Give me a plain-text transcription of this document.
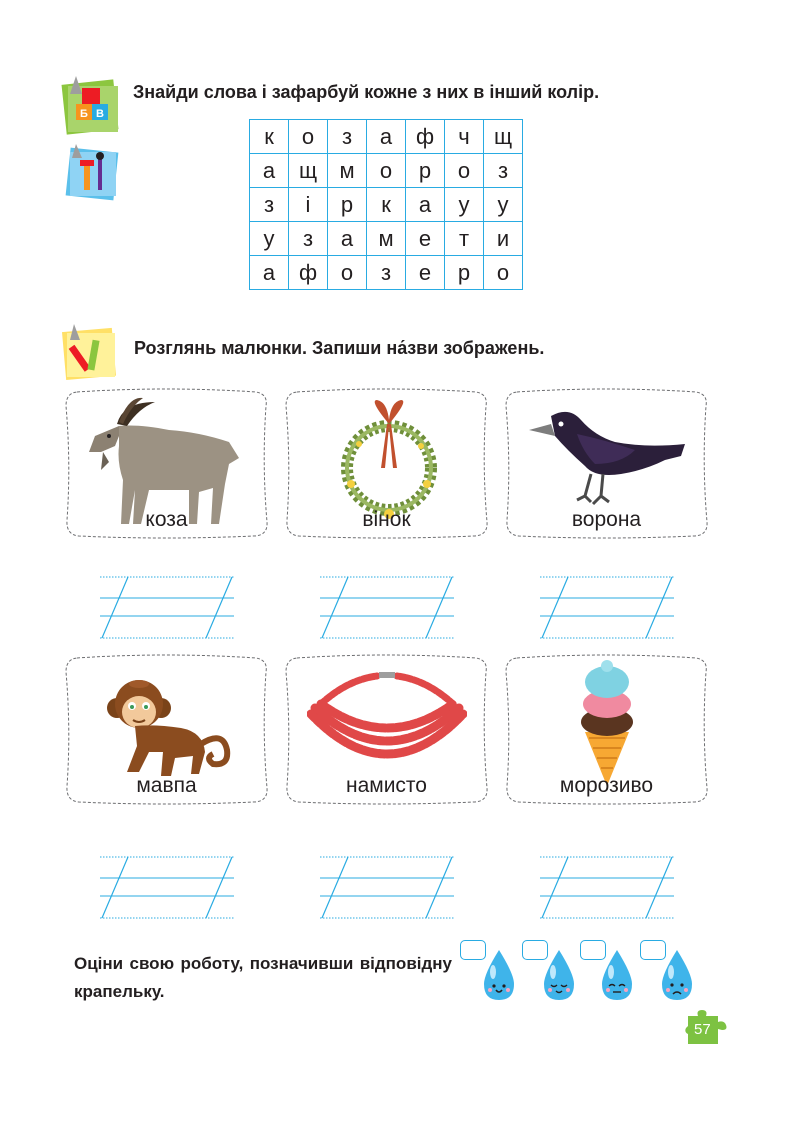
Б В
Знайди слова і зафарбуй кожне з них в інший колір.
к	о	з	а	ф	ч	щ
а	щ	м	о	р	о	з
з	і	р	к	а	у	у
у	з	а	м	е	т	и
а	ф	о	з	е	р	о
Розглянь малюнки. Запиши на́зви зображень.
коза	вінок	ворона
мавпа	намисто	морозиво
Оціни свою роботу, позначивши відповідну крапельку.
57
